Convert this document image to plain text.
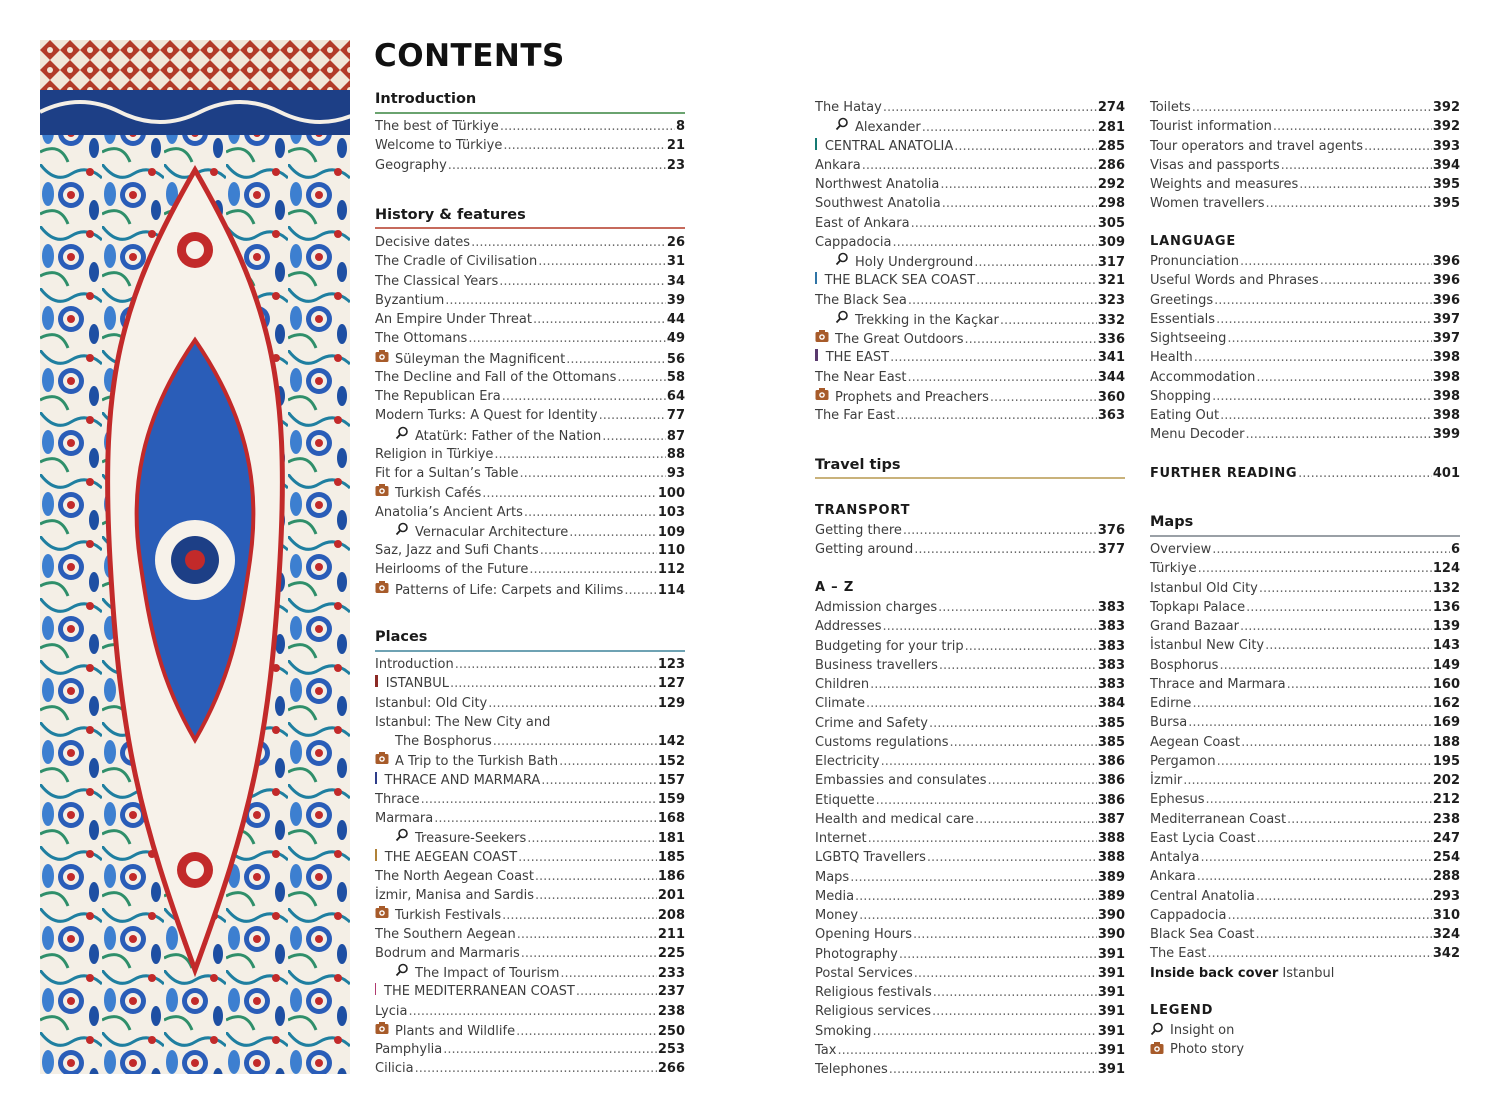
CONTENTS
Introduction
The best of Türkiye .....	8
Welcome to Türkiye .....	21
Geography .....	23
History & features
Decisive dates .....	26
The Cradle of Civilisation .....	31
The Classical Years .....	34
Byzantium .....	39
An Empire Under Threat .....	44
The Ottomans .....	49
Süleyman the Magnificent .....	56
The Decline and Fall of the Ottomans .....	58
The Republican Era .....	64
Modern Turks: A Quest for Identity .....	77
Atatürk: Father of the Nation .....	87
Religion in Türkiye .....	88
Fit for a Sultan’s Table .....	93
Turkish Cafés .....	100
Anatolia’s Ancient Arts .....	103
Vernacular Architecture .....	109
Saz, Jazz and Sufi Chants .....	110
Heirlooms of the Future .....	112
Patterns of Life: Carpets and Kilims .....	114
Places
Introduction .....	123
ISTANBUL .....	127
Istanbul: Old City .....	129
Istanbul: The New City and
The Bosphorus .....	142
A Trip to the Turkish Bath .....	152
THRACE AND MARMARA .....	157
Thrace .....	159
Marmara .....	168
Treasure-Seekers .....	181
THE AEGEAN COAST .....	185
The North Aegean Coast .....	186
İzmir, Manisa and Sardis .....	201
Turkish Festivals .....	208
The Southern Aegean .....	211
Bodrum and Marmaris .....	225
The Impact of Tourism .....	233
THE MEDITERRANEAN COAST .....	237
Lycia .....	238
Plants and Wildlife .....	250
Pamphylia .....	253
Cilicia .....	266
The Hatay .....	274
Alexander .....	281
CENTRAL ANATOLIA .....	285
Ankara .....	286
Northwest Anatolia .....	292
Southwest Anatolia .....	298
East of Ankara .....	305
Cappadocia .....	309
Holy Underground .....	317
THE BLACK SEA COAST .....	321
The Black Sea .....	323
Trekking in the Kaçkar .....	332
The Great Outdoors .....	336
THE EAST .....	341
The Near East .....	344
Prophets and Preachers .....	360
The Far East .....	363
Travel tips
TRANSPORT
Getting there .....	376
Getting around .....	377
A – Z
Admission charges .....	383
Addresses .....	383
Budgeting for your trip .....	383
Business travellers .....	383
Children .....	383
Climate .....	384
Crime and Safety .....	385
Customs regulations .....	385
Electricity .....	386
Embassies and consulates .....	386
Etiquette .....	386
Health and medical care .....	387
Internet .....	388
LGBTQ Travellers .....	388
Maps .....	389
Media .....	389
Money .....	390
Opening Hours .....	390
Photography .....	391
Postal Services .....	391
Religious festivals .....	391
Religious services .....	391
Smoking .....	391
Tax .....	391
Telephones .....	391
Toilets .....	392
Tourist information .....	392
Tour operators and travel agents .....	393
Visas and passports .....	394
Weights and measures .....	395
Women travellers .....	395
LANGUAGE
Pronunciation .....	396
Useful Words and Phrases .....	396
Greetings .....	396
Essentials .....	397
Sightseeing .....	397
Health .....	398
Accommodation .....	398
Shopping .....	398
Eating Out .....	398
Menu Decoder .....	399
FURTHER READING .....	401
Maps
Overview .....	6
Türkiye .....	124
Istanbul Old City .....	132
Topkapı Palace .....	136
Grand Bazaar .....	139
İstanbul New City .....	143
Bosphorus .....	149
Thrace and Marmara .....	160
Edirne .....	162
Bursa .....	169
Aegean Coast .....	188
Pergamon .....	195
İzmir .....	202
Ephesus .....	212
Mediterranean Coast .....	238
East Lycia Coast .....	247
Antalya .....	254
Ankara .....	288
Central Anatolia .....	293
Cappadocia .....	310
Black Sea Coast .....	324
The East .....	342
Inside back cover Istanbul
LEGEND
Insight on
Photo story
